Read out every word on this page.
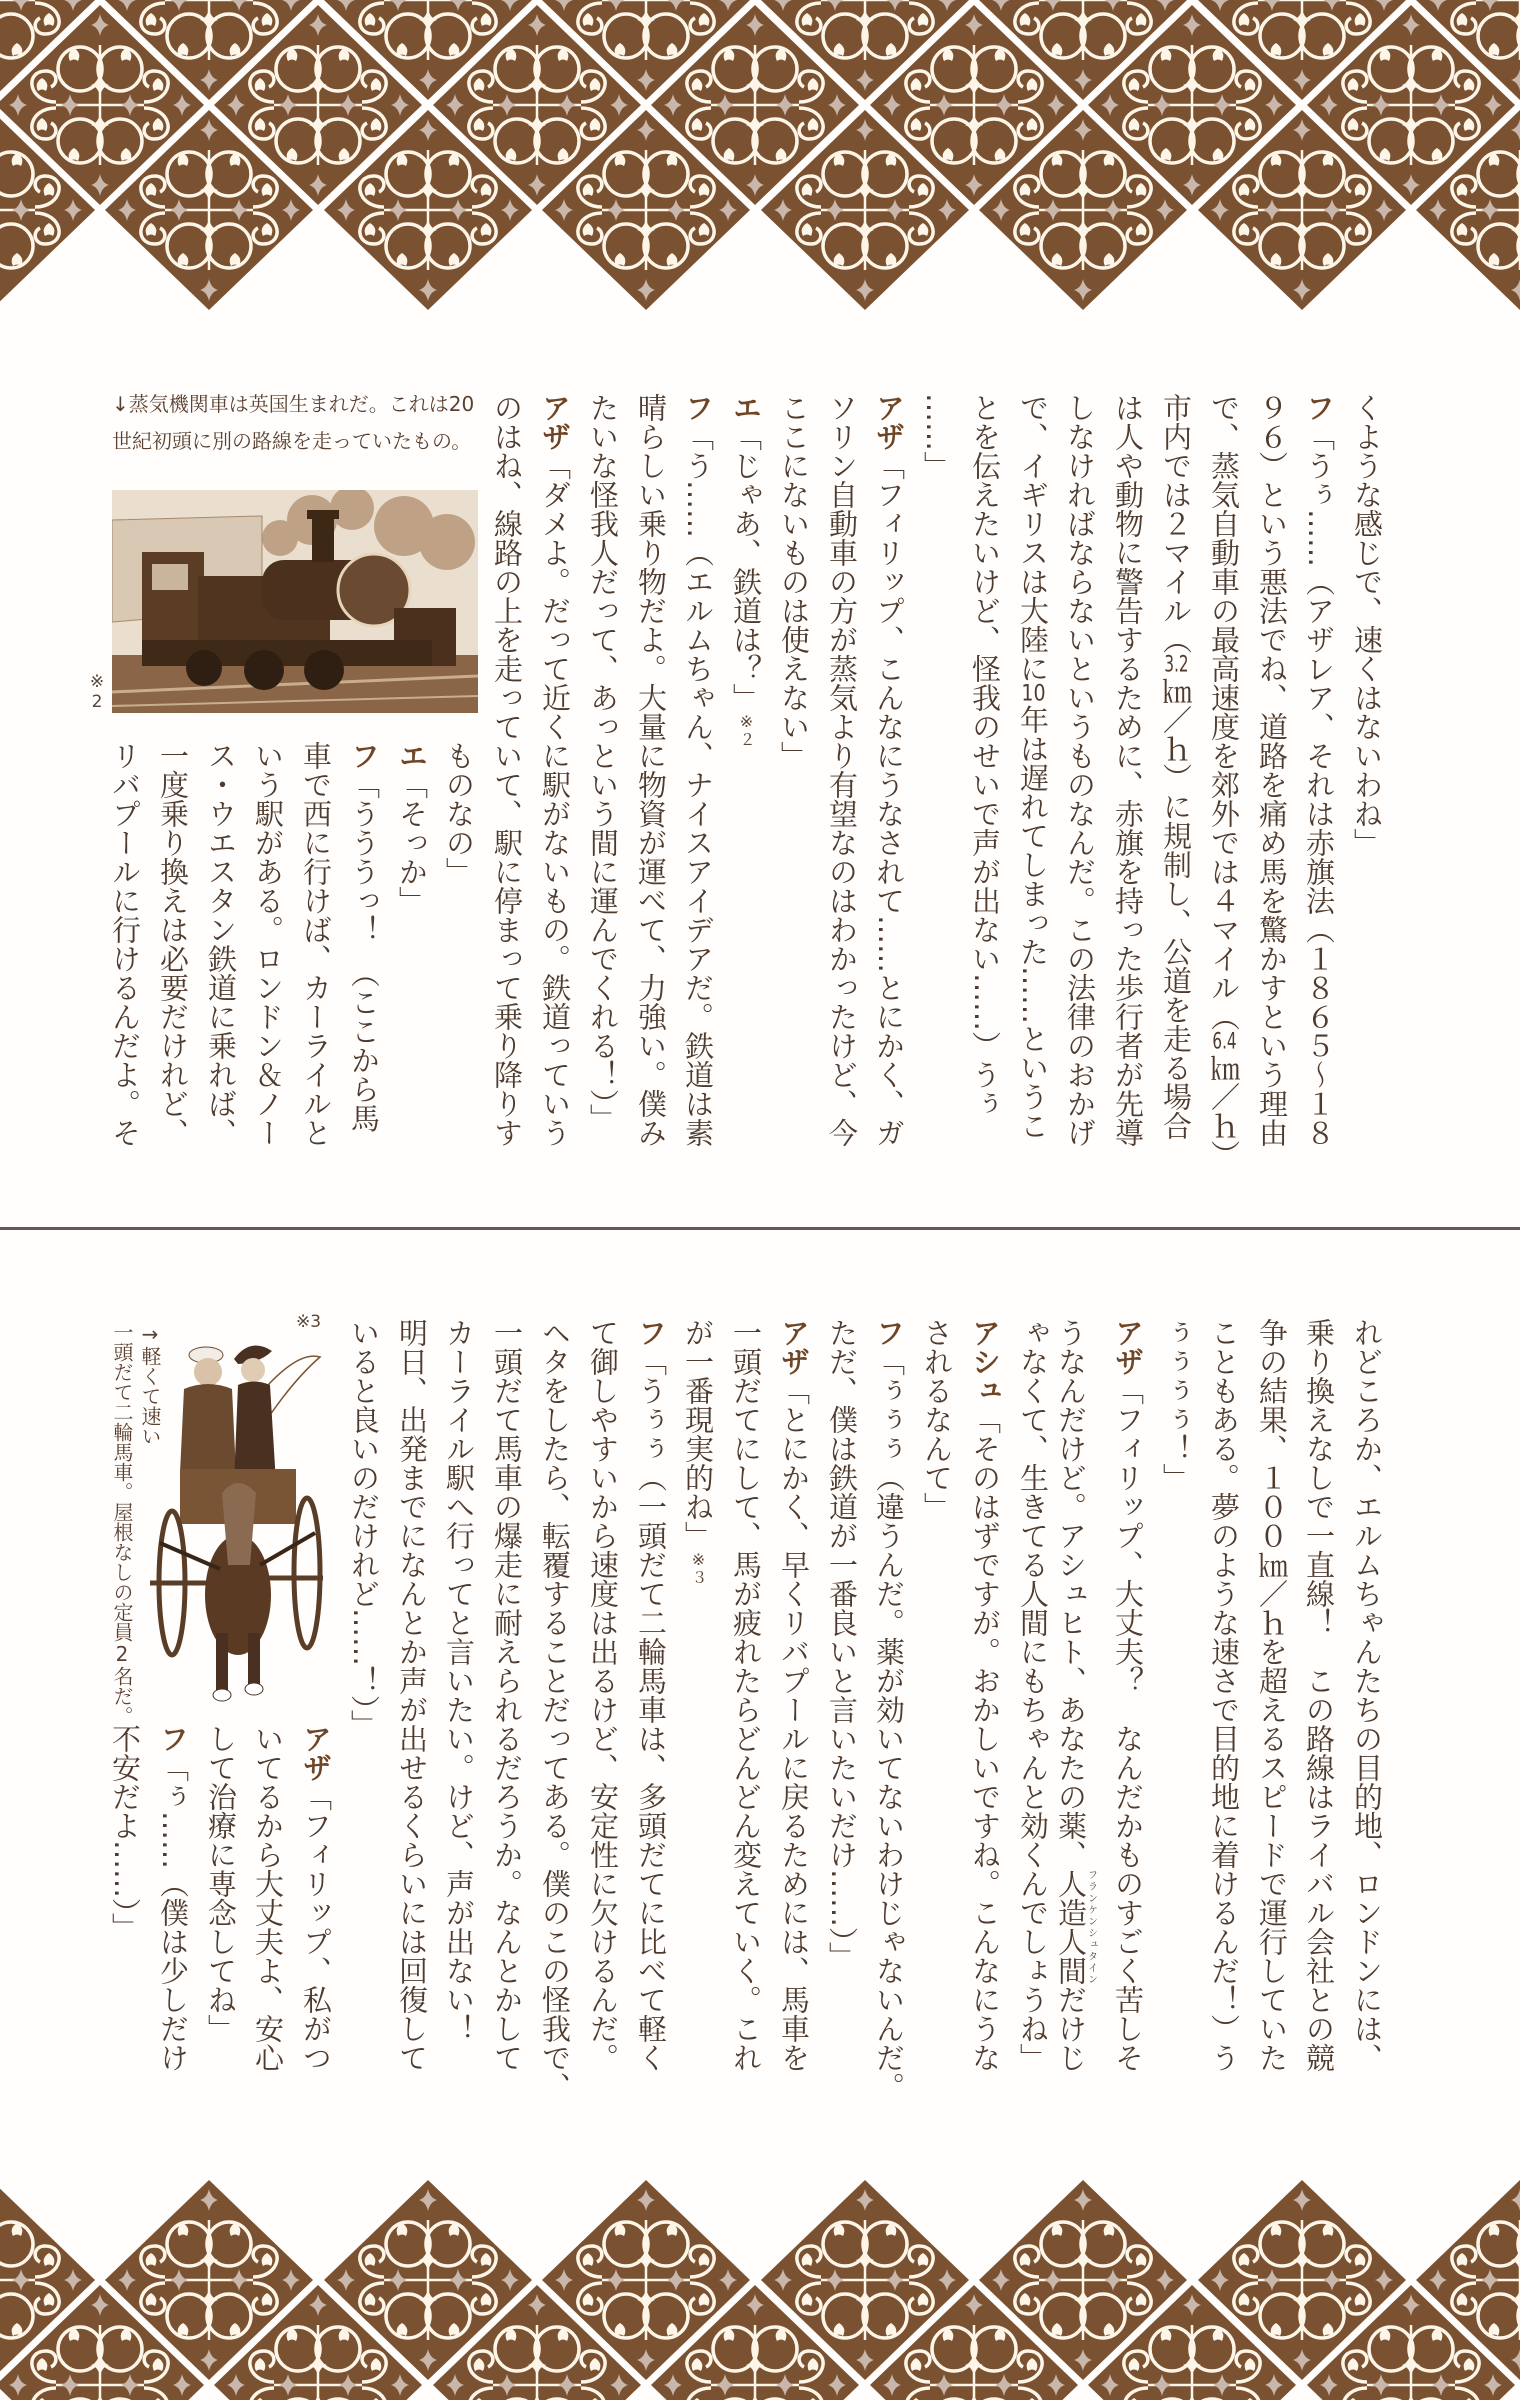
↓蒸気機関車は英国生まれだ。これは20
世紀初頭に別の路線を走っていたもの。
※2	くような感じで、速くはないわね」
フ「うぅ……（アザレア、それは赤旗法（１８６５～１８
９６）という悪法でね、道路を痛め馬を驚かすという理由
で、蒸気自動車の最高速度を郊外では４マイル（6.4㎞／ｈ）
市内では２マイル（3.2㎞／ｈ）に規制し、公道を走る場合
は人や動物に警告するために、赤旗を持った歩行者が先導
しなければならないというものなんだ。この法律のおかげ
で、イギリスは大陸に10年は遅れてしまった……というこ
とを伝えたいけど、怪我のせいで声が出ない……）うぅ
……」
アザ「フィリップ、こんなにうなされて……とにかく、ガ
ソリン自動車の方が蒸気より有望なのはわかったけど、今
ここにないものは使えない」
エ「じゃあ、鉄道は？」※２
フ「う……（エルムちゃん、ナイスアイデアだ。鉄道は素
晴らしい乗り物だよ。大量に物資が運べて、力強い。僕み
たいな怪我人だって、あっという間に運んでくれる！）」
アザ「ダメよ。だって近くに駅がないもの。鉄道っていう
のはね、線路の上を走っていて、駅に停まって乗り降りす
ものなの」
エ「そっか」
フ「うううっ！　（ここから馬
車で西に行けば、カーライルと
いう駅がある。ロンドン＆ノー
ス・ウエスタン鉄道に乗れば、
一度乗り換えは必要だけれど、
リバプールに行けるんだよ。そ
※3
→軽くて速い
一頭だて二輪馬車。屋根なしの定員2名だ。	れどころか、エルムちゃんたちの目的地、ロンドンには、
乗り換えなしで一直線！　この路線はライバル会社との競
争の結果、１００㎞／ｈを超えるスピードで運行していた
こともある。夢のような速さで目的地に着けるんだ！）う
ぅぅぅぅ！」
アザ「フィリップ、大丈夫？　なんだかものすごく苦しそ
うなんだけど。アシュヒト、あなたの薬、人造人間フランケンシュタインだけじ
ゃなくて、生きてる人間にもちゃんと効くんでしょうね」
アシュ「そのはずですが。おかしいですね。こんなにうな
されるなんて」
フ「ぅぅぅ（違うんだ。薬が効いてないわけじゃないんだ。
ただ、僕は鉄道が一番良いと言いたいだけ……）」
アザ「とにかく、早くリバプールに戻るためには、馬車を
一頭だてにして、馬が疲れたらどんどん変えていく。これ
が一番現実的ね」※３
フ「うぅぅ（一頭だて二輪馬車は、多頭だてに比べて軽く
て御しやすいから速度は出るけど、安定性に欠けるんだ。
ヘタをしたら、転覆することだってある。僕のこの怪我で、
一頭だて馬車の爆走に耐えられるだろうか。なんとかして
カーライル駅へ行ってと言いたい。けど、声が出ない！
明日、出発までになんとか声が出せるくらいには回復して
いると良いのだけれど……！）」
アザ「フィリップ、私がつ
いてるから大丈夫よ、安心
して治療に専念してね」
フ「ぅ……（僕は少しだけ
不安だよ……）」
